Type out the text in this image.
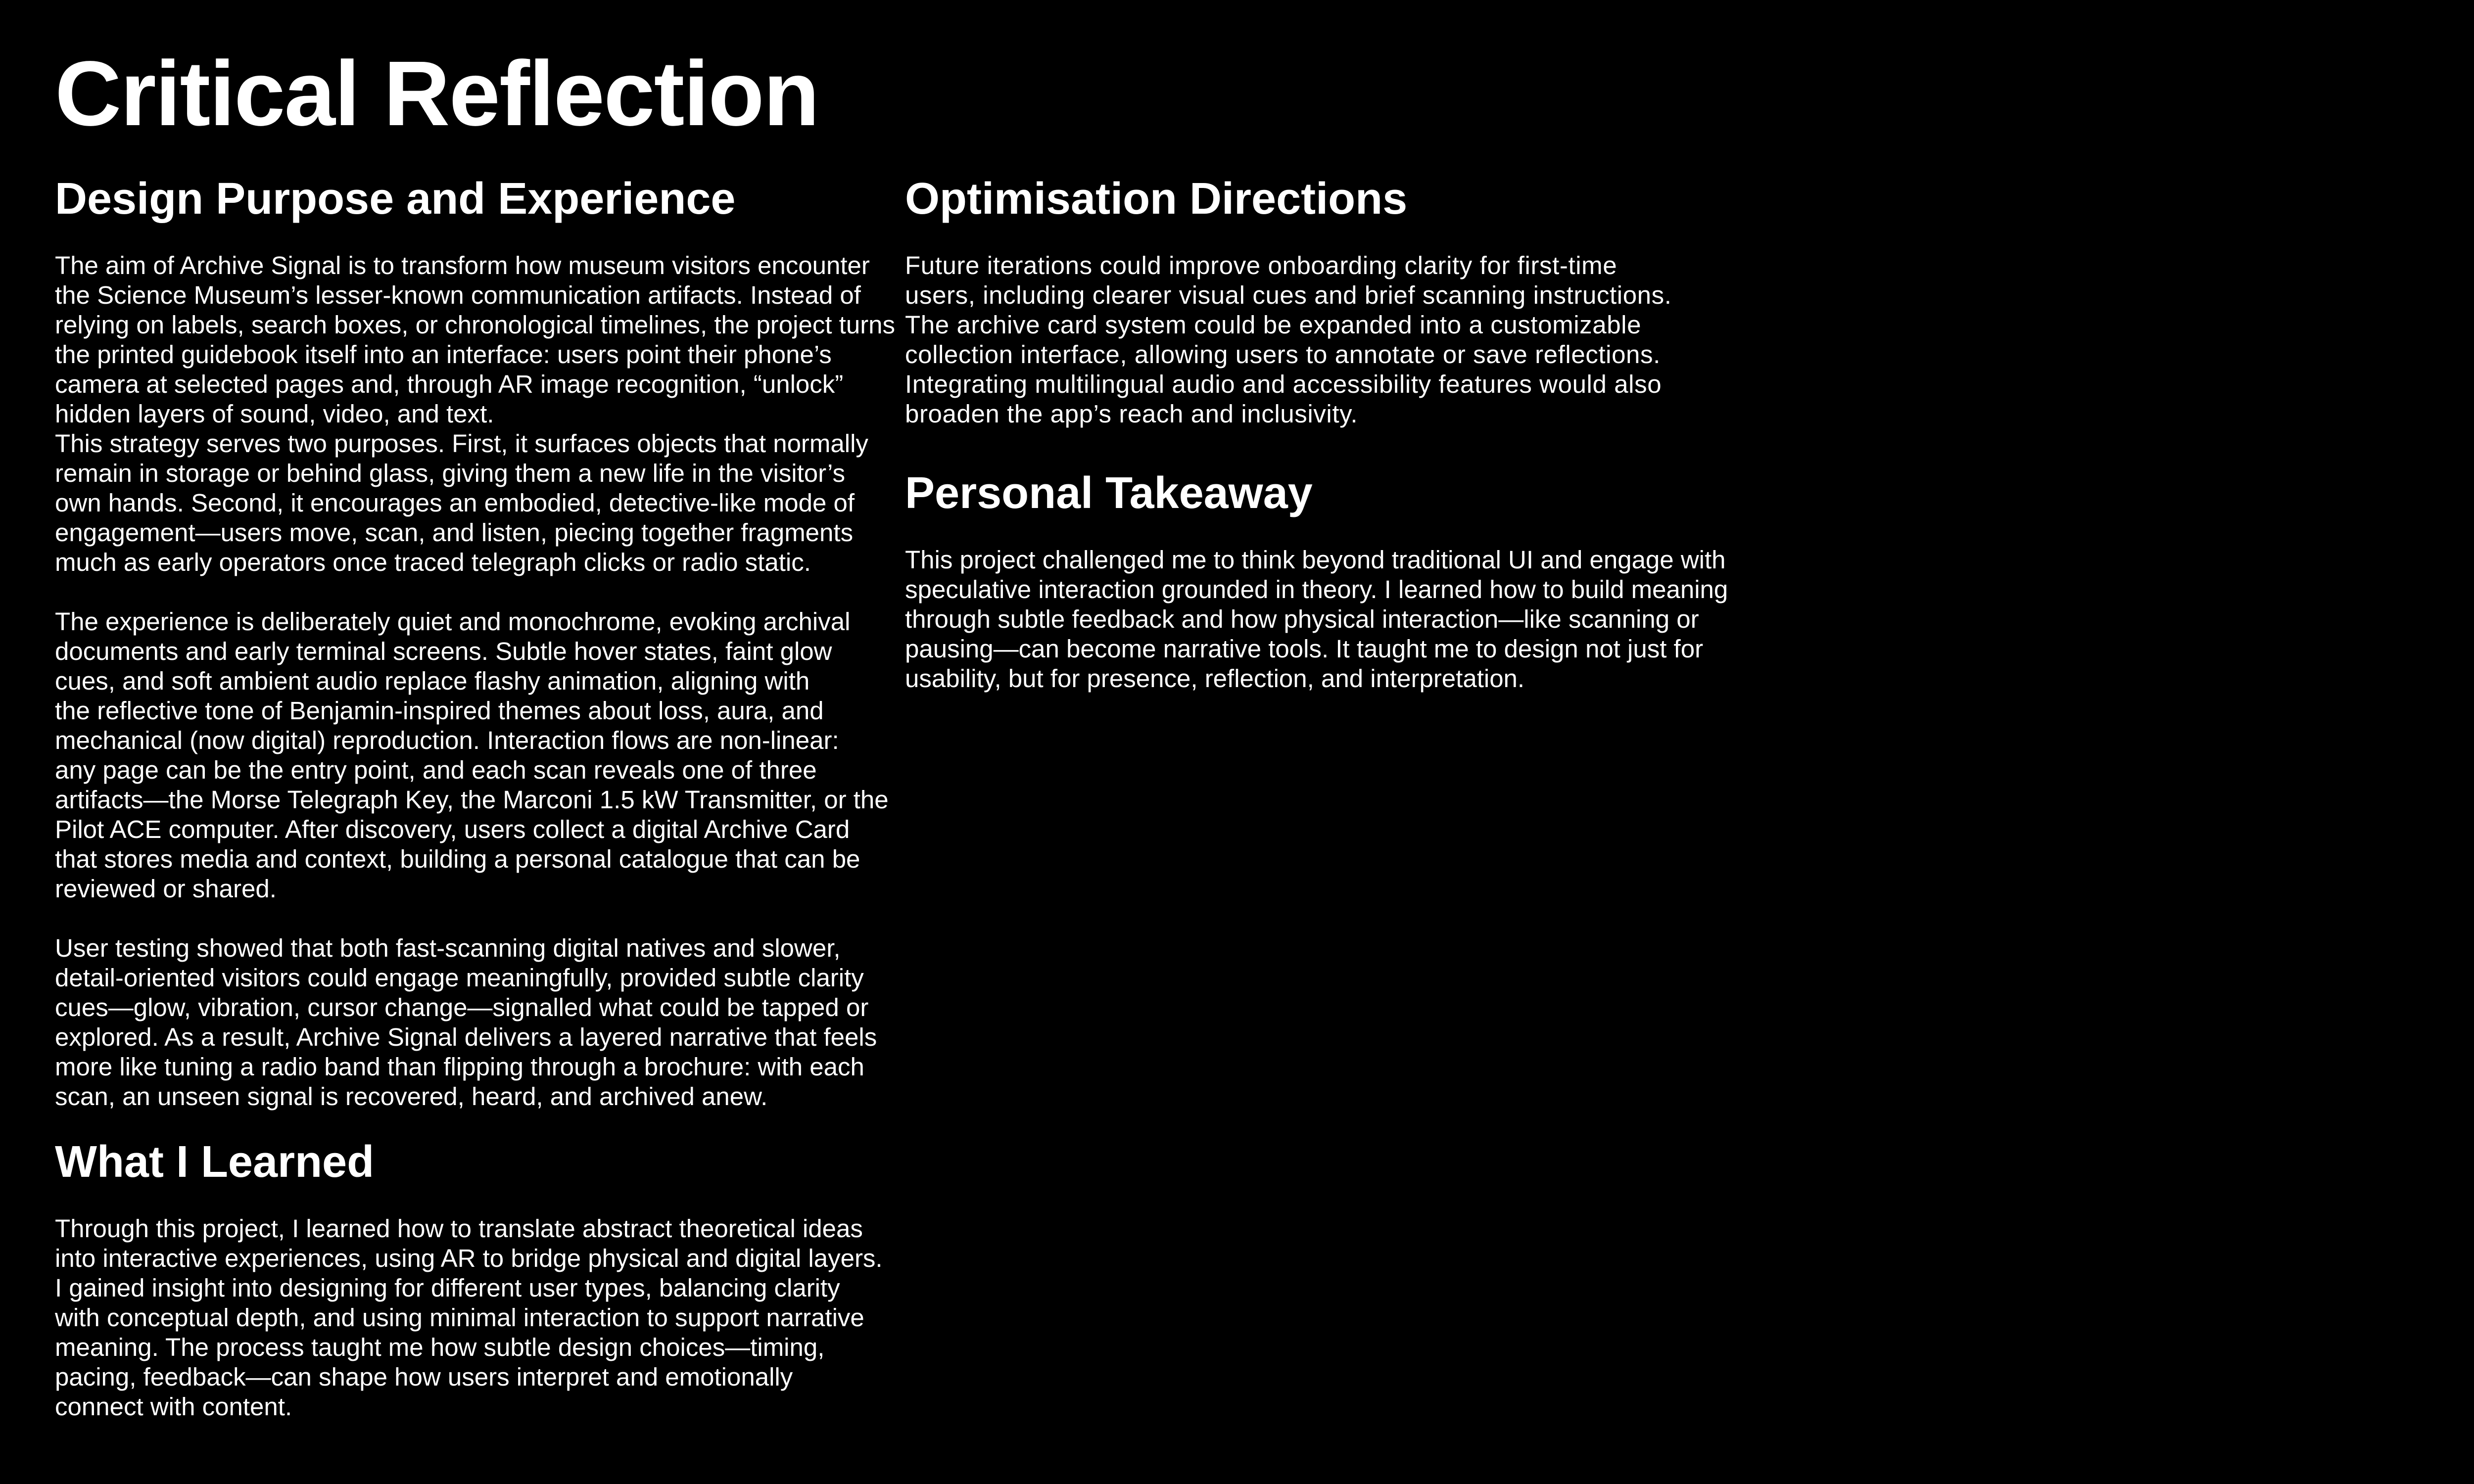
Critical Reflection
Design Purpose and Experience

The aim of Archive Signal is to transform how museum visitors encounter
the Science Museum’s lesser-known communication artifacts. Instead of
relying on labels, search boxes, or chronological timelines, the project turns
the printed guidebook itself into an interface: users point their phone’s
camera at selected pages and, through AR image recognition, “unlock”
hidden layers of sound, video, and text.
This strategy serves two purposes. First, it surfaces objects that normally
remain in storage or behind glass, giving them a new life in the visitor’s
own hands. Second, it encourages an embodied, detective-like mode of
engagement—users move, scan, and listen, piecing together fragments
much as early operators once traced telegraph clicks or radio static.

The experience is deliberately quiet and monochrome, evoking archival
documents and early terminal screens. Subtle hover states, faint glow
cues, and soft ambient audio replace flashy animation, aligning with
the reflective tone of Benjamin-inspired themes about loss, aura, and
mechanical (now digital) reproduction. Interaction flows are non-linear:
any page can be the entry point, and each scan reveals one of three
artifacts—the Morse Telegraph Key, the Marconi 1.5 kW Transmitter, or the
Pilot ACE computer. After discovery, users collect a digital Archive Card
that stores media and context, building a personal catalogue that can be
reviewed or shared.

User testing showed that both fast-scanning digital natives and slower,
detail-oriented visitors could engage meaningfully, provided subtle clarity
cues—glow, vibration, cursor change—signalled what could be tapped or
explored. As a result, Archive Signal delivers a layered narrative that feels
more like tuning a radio band than flipping through a brochure: with each
scan, an unseen signal is recovered, heard, and archived anew.

What I Learned

Through this project, I learned how to translate abstract theoretical ideas
into interactive experiences, using AR to bridge physical and digital layers.
I gained insight into designing for different user types, balancing clarity
with conceptual depth, and using minimal interaction to support narrative
meaning. The process taught me how subtle design choices—timing,
pacing, feedback—can shape how users interpret and emotionally
connect with content.

Optimisation Directions

Future iterations could improve onboarding clarity for first-time
users, including clearer visual cues and brief scanning instructions.
The archive card system could be expanded into a customizable
collection interface, allowing users to annotate or save reflections.
Integrating multilingual audio and accessibility features would also
broaden the app’s reach and inclusivity.

Personal Takeaway

This project challenged me to think beyond traditional UI and engage with
speculative interaction grounded in theory. I learned how to build meaning
through subtle feedback and how physical interaction—like scanning or
pausing—can become narrative tools. It taught me to design not just for
usability, but for presence, reflection, and interpretation.
